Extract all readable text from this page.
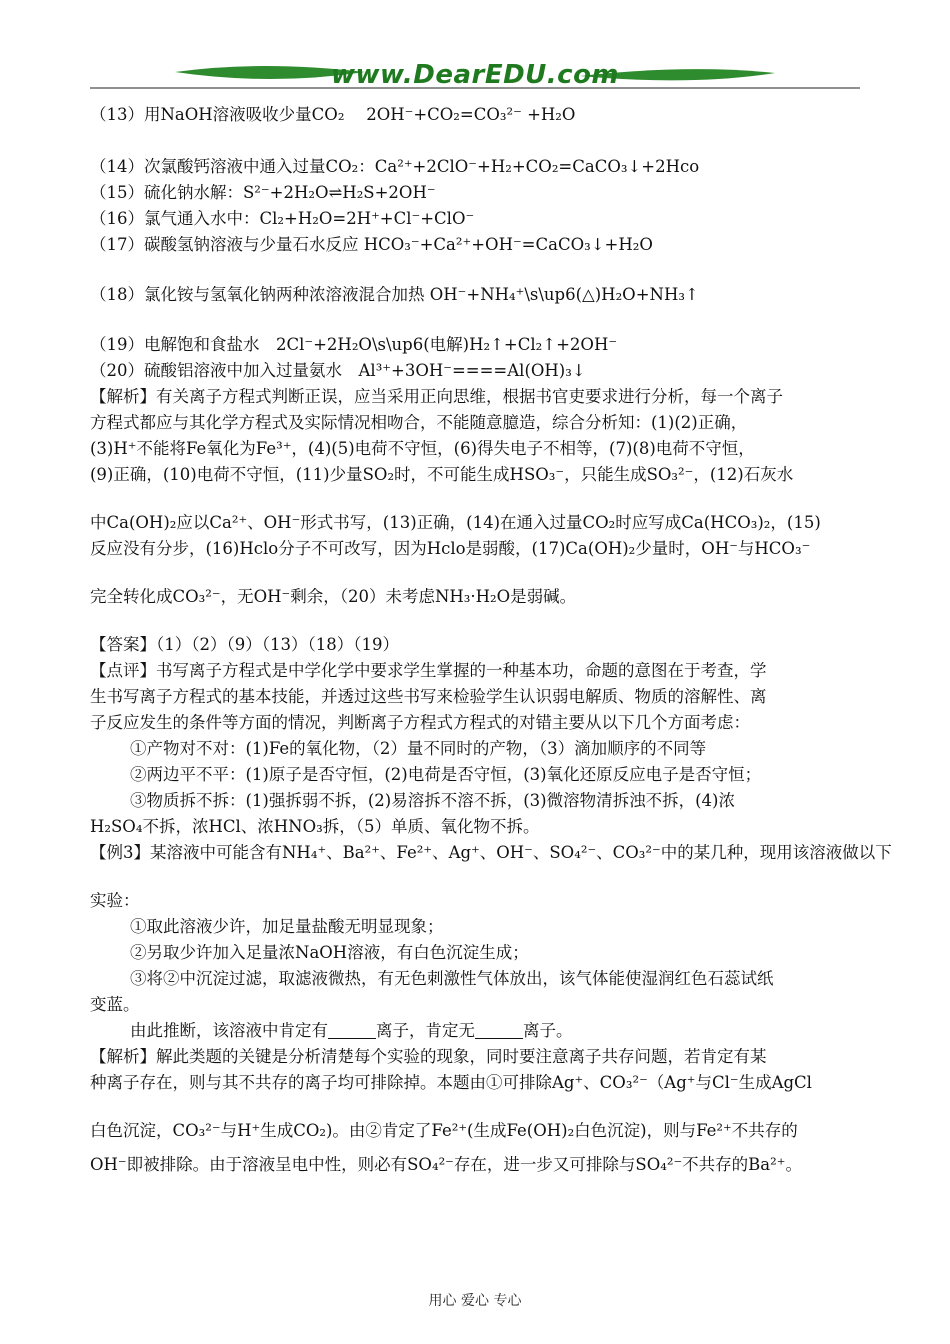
www.DearEDU.com
（13）用NaOH溶液吸收少量CO₂　 2OH⁻+CO₂=CO₃²⁻ +H₂O
（14）次氯酸钙溶液中通入过量CO₂：Ca²⁺+2ClO⁻+H₂+CO₂=CaCO₃↓+2Hco
（15）硫化钠水解：S²⁻+2H₂O⇌H₂S+2OH⁻
（16）氯气通入水中：Cl₂+H₂O=2H⁺+Cl⁻+ClO⁻
（17）碳酸氢钠溶液与少量石水反应 HCO₃⁻+Ca²⁺+OH⁻=CaCO₃↓+H₂O
（18）氯化铵与氢氧化钠两种浓溶液混合加热 OH⁻+NH₄⁺\s\up6(△)H₂O+NH₃↑
（19）电解饱和食盐水　2Cl⁻+2H₂O\s\up6(电解)H₂↑+Cl₂↑+2OH⁻
（20）硫酸铝溶液中加入过量氨水　Al³⁺+3OH⁻====Al(OH)₃↓
【解析】有关离子方程式判断正误，应当采用正向思维，根据书官吏要求进行分析，每一个离子
方程式都应与其化学方程式及实际情况相吻合，不能随意臆造，综合分析知：(1)(2)正确，
(3)H⁺不能将Fe氧化为Fe³⁺，(4)(5)电荷不守恒，(6)得失电子不相等，(7)(8)电荷不守恒，
(9)正确，(10)电荷不守恒，(11)少量SO₂时，不可能生成HSO₃⁻，只能生成SO₃²⁻，(12)石灰水
中Ca(OH)₂应以Ca²⁺、OH⁻形式书写，(13)正确，(14)在通入过量CO₂时应写成Ca(HCO₃)₂，(15)
反应没有分步，(16)Hclo分子不可改写，因为Hclo是弱酸，(17)Ca(OH)₂少量时，OH⁻与HCO₃⁻
完全转化成CO₃²⁻，无OH⁻剩余，（20）未考虑NH₃·H₂O是弱碱。
【答案】（1）（2）（9）（13）（18）（19）
【点评】书写离子方程式是中学化学中要求学生掌握的一种基本功，命题的意图在于考查，学
生书写离子方程式的基本技能，并透过这些书写来检验学生认识弱电解质、物质的溶解性、离
子反应发生的条件等方面的情况，判断离子方程式方程式的对错主要从以下几个方面考虑：
①产物对不对：(1)Fe的氧化物，（2）量不同时的产物，（3）滴加顺序的不同等
②两边平不平：(1)原子是否守恒，(2)电荷是否守恒，(3)氧化还原反应电子是否守恒；
③物质拆不拆：(1)强拆弱不拆，(2)易溶拆不溶不拆，(3)微溶物清拆浊不拆，(4)浓
H₂SO₄不拆，浓HCl、浓HNO₃拆，（5）单质、氧化物不拆。
【例3】某溶液中可能含有NH₄⁺、Ba²⁺、Fe²⁺、Ag⁺、OH⁻、SO₄²⁻、CO₃²⁻中的某几种，现用该溶液做以下
实验：
①取此溶液少许，加足量盐酸无明显现象；
②另取少许加入足量浓NaOH溶液，有白色沉淀生成；
③将②中沉淀过滤，取滤液微热，有无色刺激性气体放出，该气体能使湿润红色石蕊试纸
变蓝。
由此推断，该溶液中肯定有	离子，肯定无	离子。
【解析】解此类题的关键是分析清楚每个实验的现象，同时要注意离子共存问题，若肯定有某
种离子存在，则与其不共存的离子均可排除掉。本题由①可排除Ag⁺、CO₃²⁻（Ag⁺与Cl⁻生成AgCl
白色沉淀，CO₃²⁻与H⁺生成CO₂)。由②肯定了Fe²⁺(生成Fe(OH)₂白色沉淀)，则与Fe²⁺不共存的
OH⁻即被排除。由于溶液呈电中性，则必有SO₄²⁻存在，进一步又可排除与SO₄²⁻不共存的Ba²⁺。
用心 爱心 专心
